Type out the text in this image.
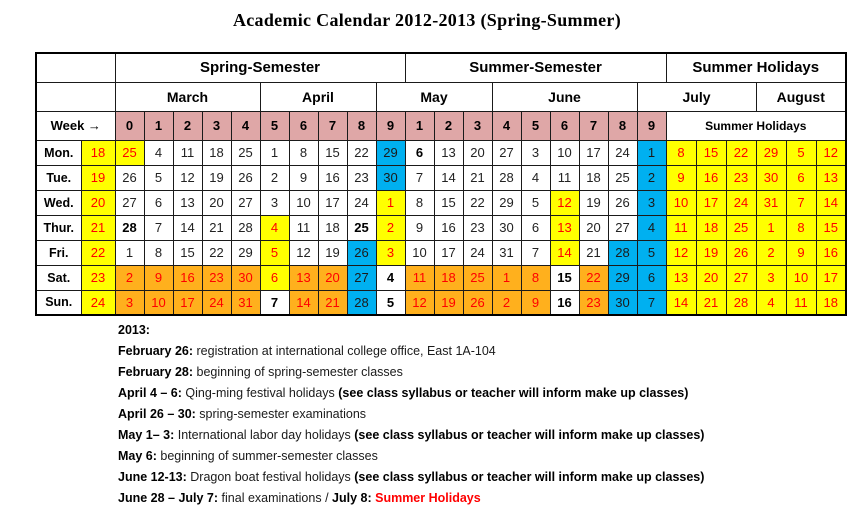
Academic Calendar 2012-2013 (Spring-Summer)
		Spring-Semester										Summer-Semester									Summer Holidays					
		March					April				May				June					July				August		
Week →		0	1	2	3	4	5	6	7	8	9	1	2	3	4	5	6	7	8	9	Summer Holidays					
Mon.	18	25	4	11	18	25	1	8	15	22	29	6	13	20	27	3	10	17	24	1	8	15	22	29	5	12
Tue.	19	26	5	12	19	26	2	9	16	23	30	7	14	21	28	4	11	18	25	2	9	16	23	30	6	13
Wed.	20	27	6	13	20	27	3	10	17	24	1	8	15	22	29	5	12	19	26	3	10	17	24	31	7	14
Thur.	21	28	7	14	21	28	4	11	18	25	2	9	16	23	30	6	13	20	27	4	11	18	25	1	8	15
Fri.	22	1	8	15	22	29	5	12	19	26	3	10	17	24	31	7	14	21	28	5	12	19	26	2	9	16
Sat.	23	2	9	16	23	30	6	13	20	27	4	11	18	25	1	8	15	22	29	6	13	20	27	3	10	17
Sun.	24	3	10	17	24	31	7	14	21	28	5	12	19	26	2	9	16	23	30	7	14	21	28	4	11	18
2013:
February 26: registration at international college office, East 1A-104
February 28: beginning of spring-semester classes
April 4 – 6: Qing-ming festival holidays (see class syllabus or teacher will inform make up classes)
April 26 – 30: spring-semester examinations
May 1– 3: International labor day holidays (see class syllabus or teacher will inform make up classes)
May 6: beginning of summer-semester classes
June 12-13: Dragon boat festival holidays (see class syllabus or teacher will inform make up classes)
June 28 – July 7: final examinations / July 8: Summer Holidays
